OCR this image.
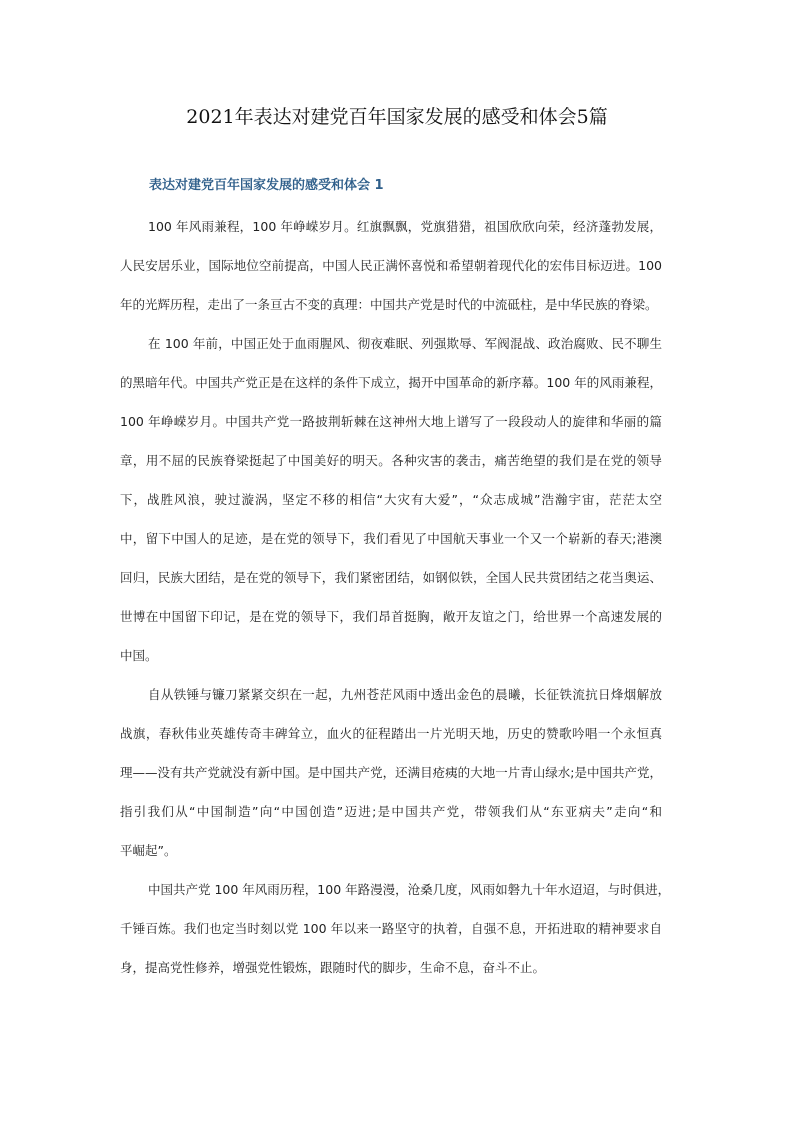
2021年表达对建党百年国家发展的感受和体会5篇
表达对建党百年国家发展的感受和体会 1
100 年风雨兼程，100 年峥嵘岁月。红旗飘飘，党旗猎猎，祖国欣欣向荣，经济蓬勃发展，
人民安居乐业，国际地位空前提高，中国人民正满怀喜悦和希望朝着现代化的宏伟目标迈进。100
年的光辉历程，走出了一条亘古不变的真理：中国共产党是时代的中流砥柱，是中华民族的脊梁。
在 100 年前，中国正处于血雨腥风、彻夜难眠、列强欺辱、军阀混战、政治腐败、民不聊生
的黑暗年代。中国共产党正是在这样的条件下成立，揭开中国革命的新序幕。100 年的风雨兼程，
100 年峥嵘岁月。中国共产党一路披荆斩棘在这神州大地上谱写了一段段动人的旋律和华丽的篇
章，用不屈的民族脊梁挺起了中国美好的明天。各种灾害的袭击，痛苦绝望的我们是在党的领导
下，战胜风浪，驶过漩涡，坚定不移的相信“大灾有大爱”，“众志成城”浩瀚宇宙，茫茫太空
中，留下中国人的足迹，是在党的领导下，我们看见了中国航天事业一个又一个崭新的春天;港澳
回归，民族大团结，是在党的领导下，我们紧密团结，如钢似铁，全国人民共赏团结之花当奥运、
世博在中国留下印记，是在党的领导下，我们昂首挺胸，敞开友谊之门，给世界一个高速发展的
中国。
自从铁锤与镰刀紧紧交织在一起，九州苍茫风雨中透出金色的晨曦，长征铁流抗日烽烟解放
战旗，春秋伟业英雄传奇丰碑耸立，血火的征程踏出一片光明天地，历史的赞歌吟唱一个永恒真
理——没有共产党就没有新中国。是中国共产党，还满目疮痍的大地一片青山绿水;是中国共产党，
指引我们从“中国制造”向“中国创造”迈进;是中国共产党，带领我们从“东亚病夫”走向“和
平崛起”。
中国共产党 100 年风雨历程，100 年路漫漫，沧桑几度，风雨如磐九十年水迢迢，与时俱进，
千锤百炼。我们也定当时刻以党 100 年以来一路坚守的执着，自强不息，开拓进取的精神要求自
身，提高党性修养，增强党性锻炼，跟随时代的脚步，生命不息，奋斗不止。
